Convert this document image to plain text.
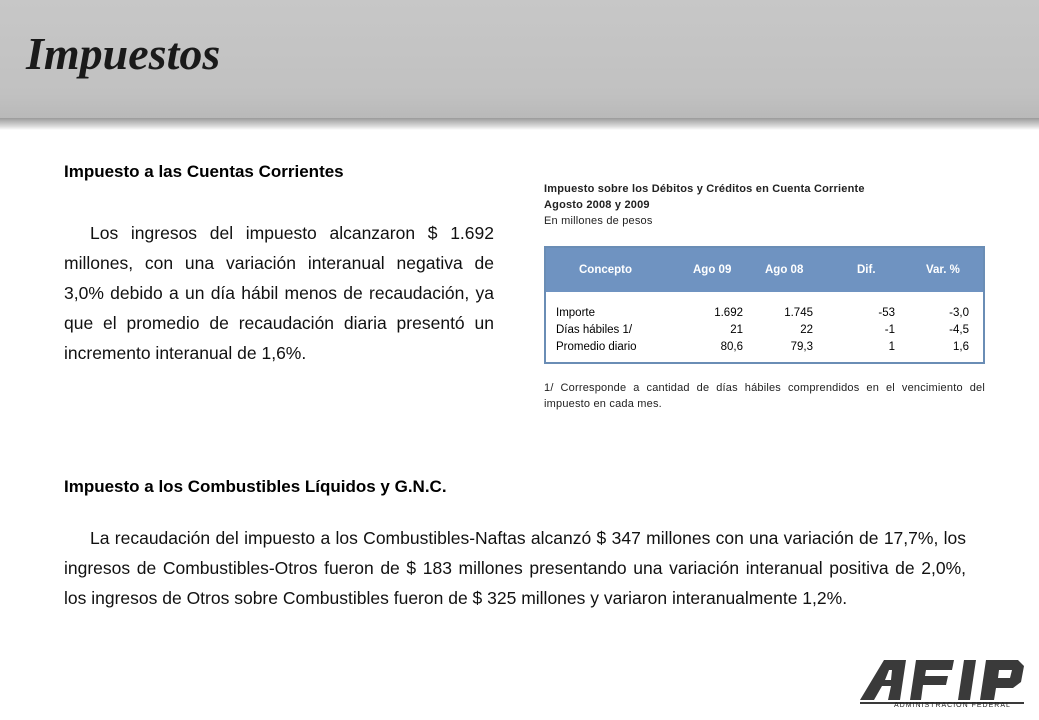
Impuestos
Impuesto a las Cuentas Corrientes

Los ingresos del impuesto alcanzaron $ 1.692 millones, con una variación interanual negativa de 3,0% debido a un día hábil menos de recaudación, ya que el promedio de recaudación diaria presentó un incremento interanual de 1,6%.

Impuesto sobre los Débitos y Créditos en Cuenta Corriente
Agosto 2008 y 2009
En millones de pesos
Concepto	Ago 09	Ago 08	Dif.	Var. %
Importe	1.692	1.745	-53	-3,0
Días hábiles 1/	21	22	-1	-4,5
Promedio diario	80,6	79,3	1	1,6

1/ Corresponde a cantidad de días hábiles comprendidos en el vencimiento del impuesto en cada mes.

Impuesto a los Combustibles Líquidos y G.N.C.

La recaudación del impuesto a los Combustibles-Naftas alcanzó $ 347 millones con una variación de 17,7%, los ingresos de Combustibles-Otros fueron de $ 183 millones presentando una variación interanual positiva de 2,0%, los ingresos de Otros sobre Combustibles fueron de $ 325 millones y variaron interanualmente 1,2%.

ADMINISTRACION FEDERAL
